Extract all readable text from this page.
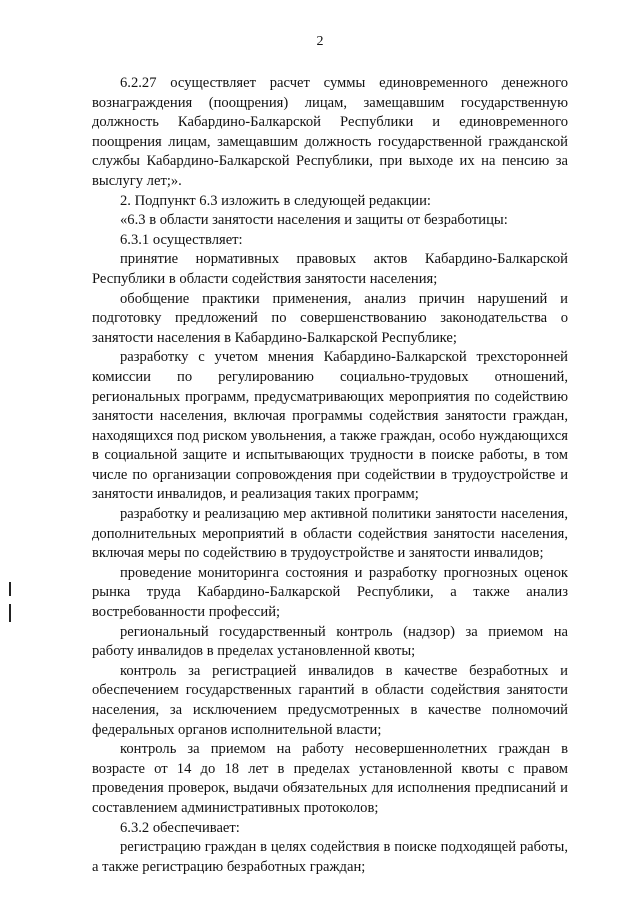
2

6.2.27 осуществляет расчет суммы единовременного денежного вознаграждения (поощрения) лицам, замещавшим государственную должность Кабардино-Балкарской Республики и единовременного поощрения лицам, замещавшим должность государственной гражданской службы Кабардино-Балкарской Республики, при выходе их на пенсию за выслугу лет;».

2. Подпункт 6.3 изложить в следующей редакции:

«6.3 в области занятости населения и защиты от безработицы:

6.3.1 осуществляет:

принятие нормативных правовых актов Кабардино-Балкарской Республики в области содействия занятости населения;

обобщение практики применения, анализ причин нарушений и подготовку предложений по совершенствованию законодательства о занятости населения в Кабардино-Балкарской Республике;

разработку с учетом мнения Кабардино-Балкарской трехсторонней комиссии по регулированию социально-трудовых отношений, региональных программ, предусматривающих мероприятия по содействию занятости населения, включая программы содействия занятости граждан, находящихся под риском увольнения, а также граждан, особо нуждающихся в социальной защите и испытывающих трудности в поиске работы, в том числе по организации сопровождения при содействии в трудоустройстве и занятости инвалидов, и реализация таких программ;

разработку и реализацию мер активной политики занятости населения, дополнительных мероприятий в области содействия занятости населения, включая меры по содействию в трудоустройстве и занятости инвалидов;

проведение мониторинга состояния и разработку прогнозных оценок рынка труда Кабардино-Балкарской Республики, а также анализ востребованности профессий;

региональный государственный контроль (надзор) за приемом на работу инвалидов в пределах установленной квоты;

контроль за регистрацией инвалидов в качестве безработных и обеспечением государственных гарантий в области содействия занятости населения, за исключением предусмотренных в качестве полномочий федеральных органов исполнительной власти;

контроль за приемом на работу несовершеннолетних граждан в возрасте от 14 до 18 лет в пределах установленной квоты с правом проведения проверок, выдачи обязательных для исполнения предписаний и составлением административных протоколов;

6.3.2 обеспечивает:

регистрацию граждан в целях содействия в поиске подходящей работы, а также регистрацию безработных граждан;
